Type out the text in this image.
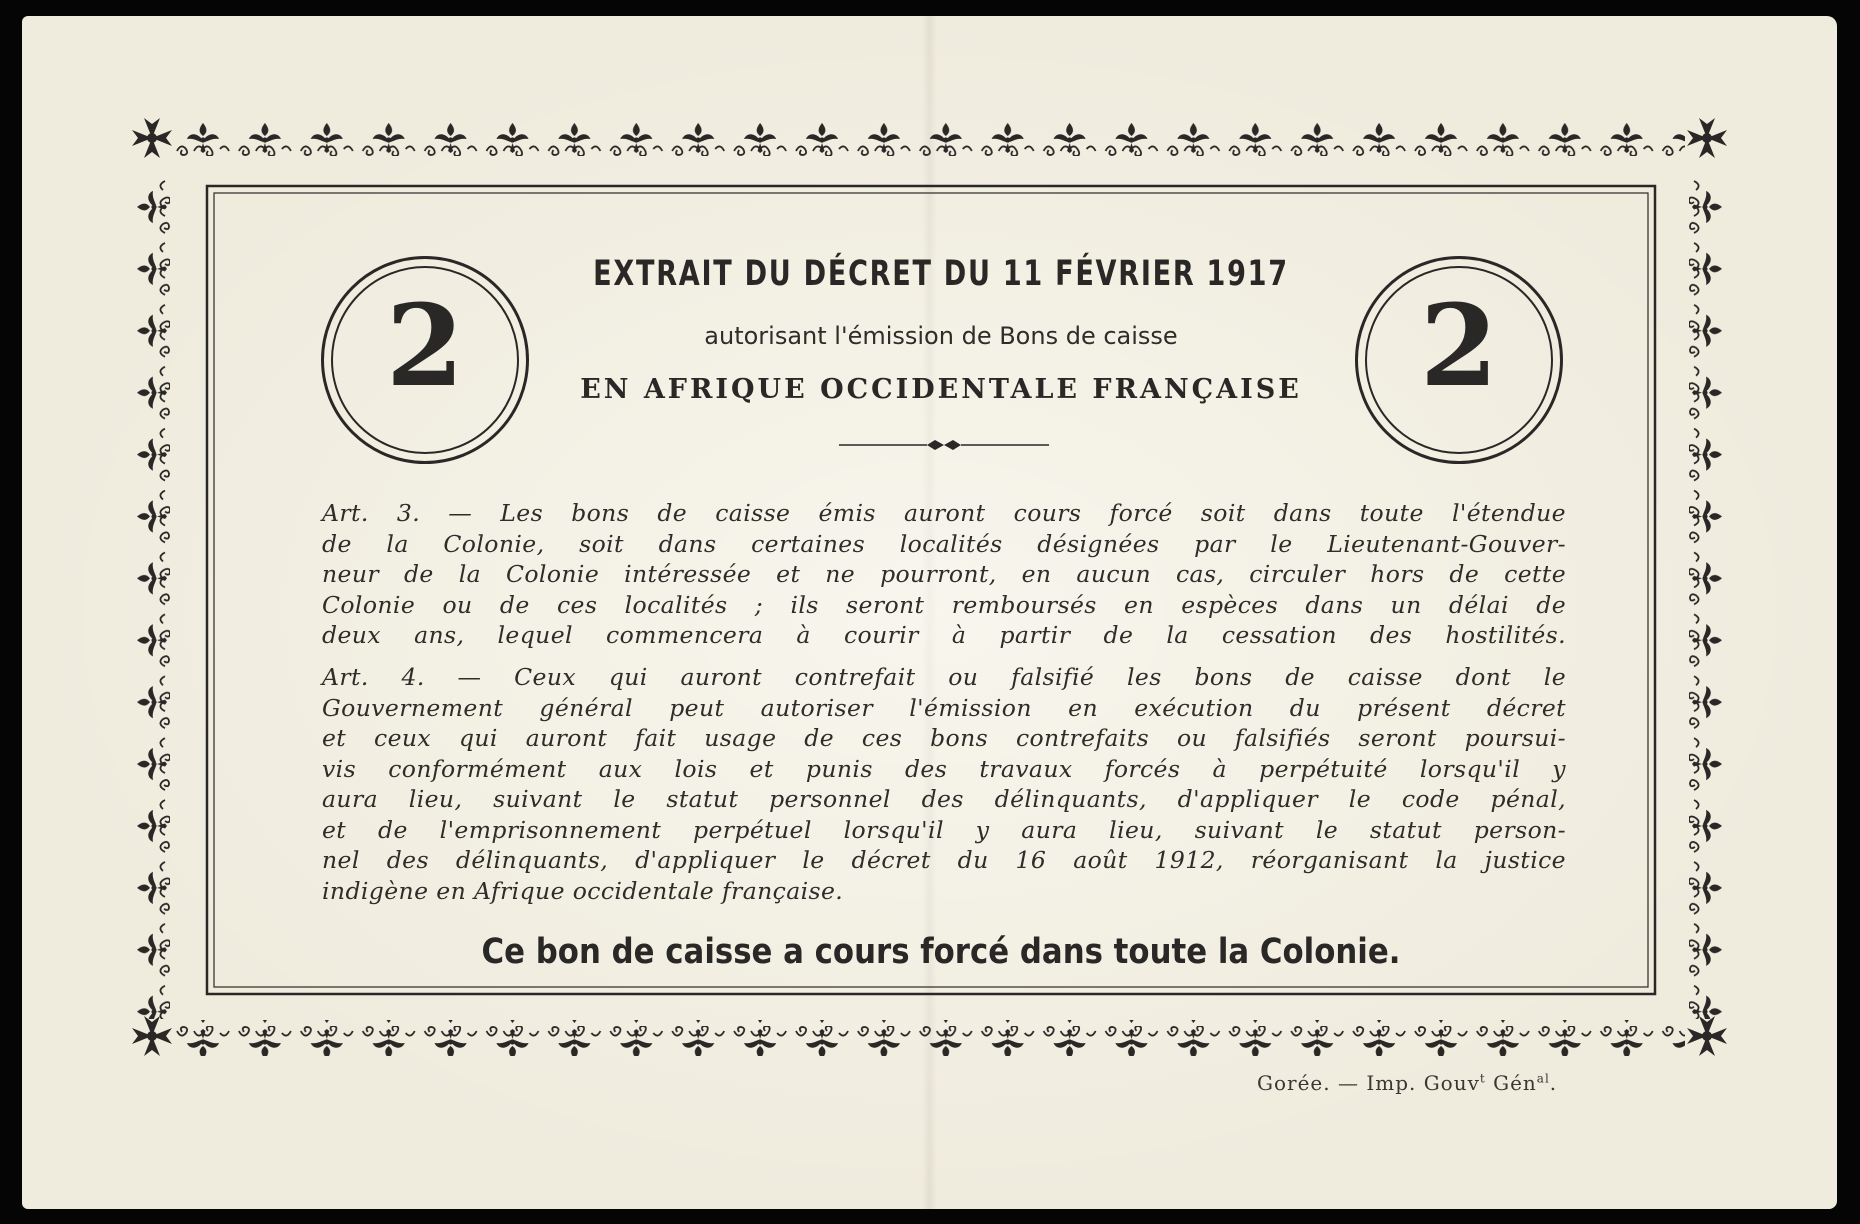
2	2
EXTRAIT DU DÉCRET DU 11 FÉVRIER 1917
autorisant l'émission de Bons de caisse
EN AFRIQUE OCCIDENTALE FRANÇAISE
Art. 3. — Les bons de caisse émis auront cours forcé soit dans toute l'étendue
de la Colonie, soit dans certaines localités désignées par le Lieutenant-Gouver-
neur de la Colonie intéressée et ne pourront, en aucun cas, circuler hors de cette
Colonie ou de ces localités ; ils seront remboursés en espèces dans un délai de
deux ans, lequel commencera à courir à partir de la cessation des hostilités.
Art. 4. — Ceux qui auront contrefait ou falsifié les bons de caisse dont le
Gouvernement général peut autoriser l'émission en exécution du présent décret
et ceux qui auront fait usage de ces bons contrefaits ou falsifiés seront poursui-
vis conformément aux lois et punis des travaux forcés à perpétuité lorsqu'il y
aura lieu, suivant le statut personnel des délinquants, d'appliquer le code pénal,
et de l'emprisonnement perpétuel lorsqu'il y aura lieu, suivant le statut person-
nel des délinquants, d'appliquer le décret du 16 août 1912, réorganisant la justice
indigène en Afrique occidentale française.
Ce bon de caisse a cours forcé dans toute la Colonie.
Gorée. — Imp. Gouv$^t$ Gén$^{al}$.
